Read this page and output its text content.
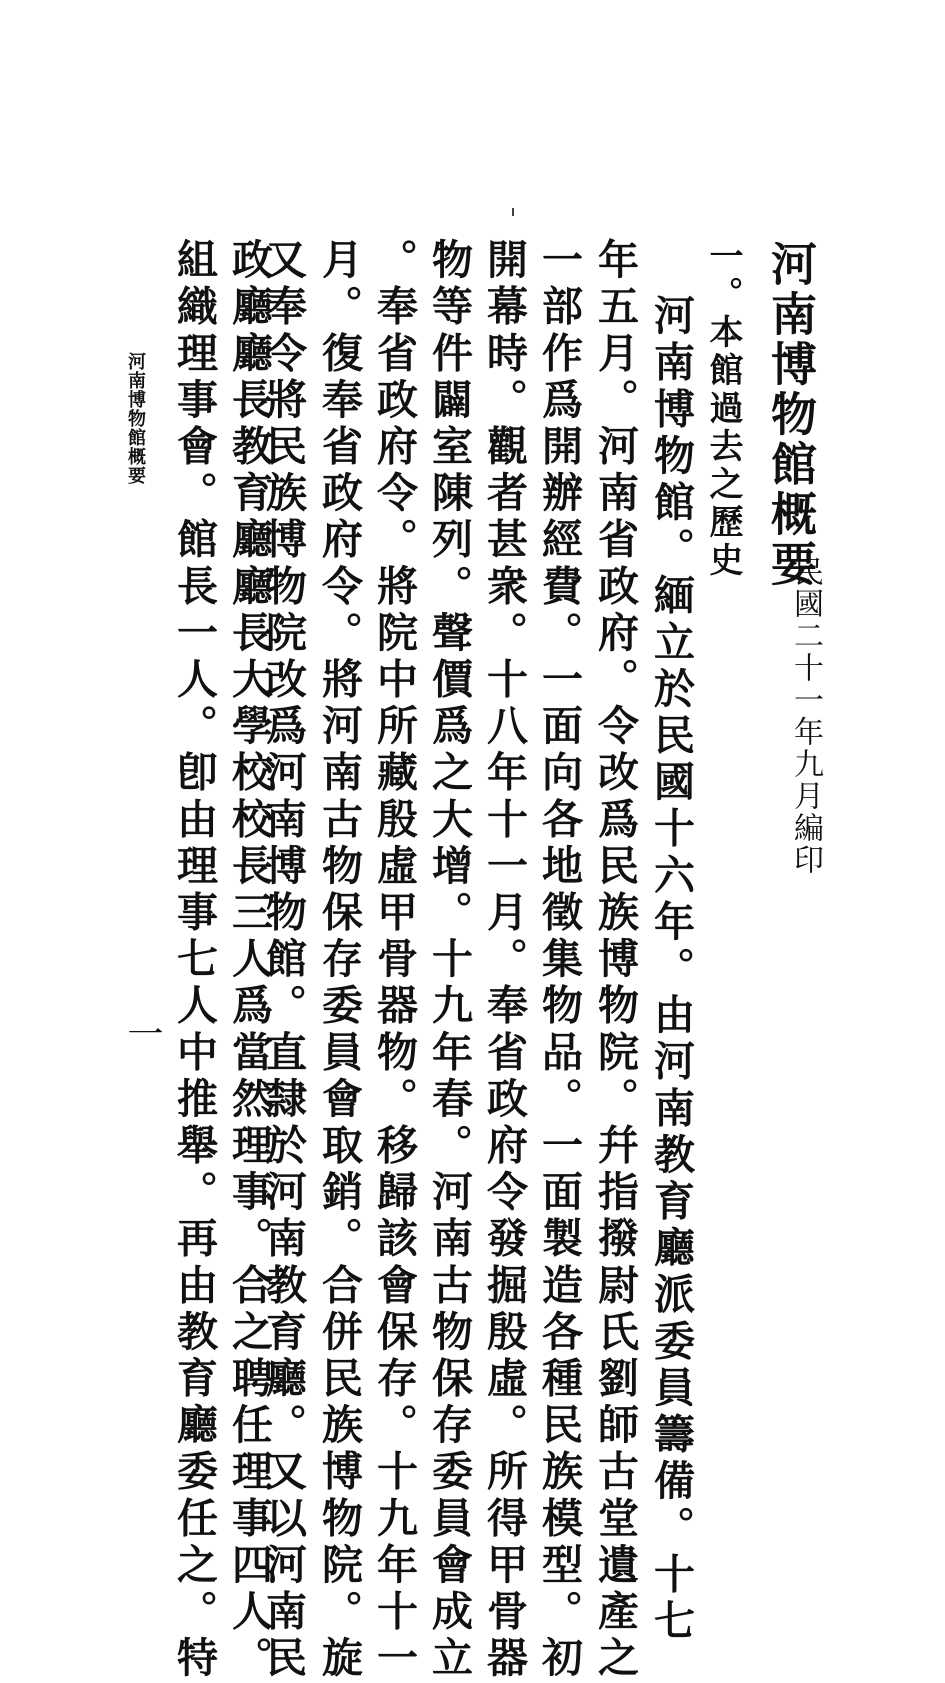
河南博物館概要
民國二十一年九月編印
一。本館過去之歷史
河南博物館。緬立於民國十六年。由河南教育廳派委員籌備。十七
年五月。河南省政府。令改爲民族博物院。幷指撥尉氏劉師古堂遺產之
一部作爲開辦經費。一面向各地徵集物品。一面製造各種民族模型。初
開幕時。觀者甚衆。十八年十一月。奉省政府令發掘殷虛。所得甲骨器
物等件闢室陳列。聲價爲之大增。十九年春。河南古物保存委員會成立
。奉省政府令。將院中所藏殷虛甲骨器物。移歸該會保存。十九年十一
月。復奉省政府令。將河南古物保存委員會取銷。合併民族博物院。旋
又奉令將民族博物院改爲河南博物館。直隸於河南教育廳。又以河南民
政廳廳長教育廳廳長大學校校長三人爲當然理事。合之聘任理事四人。
組織理事會。館長一人。卽由理事七人中推舉。再由教育廳委任之。特
河南博物館概要
一
